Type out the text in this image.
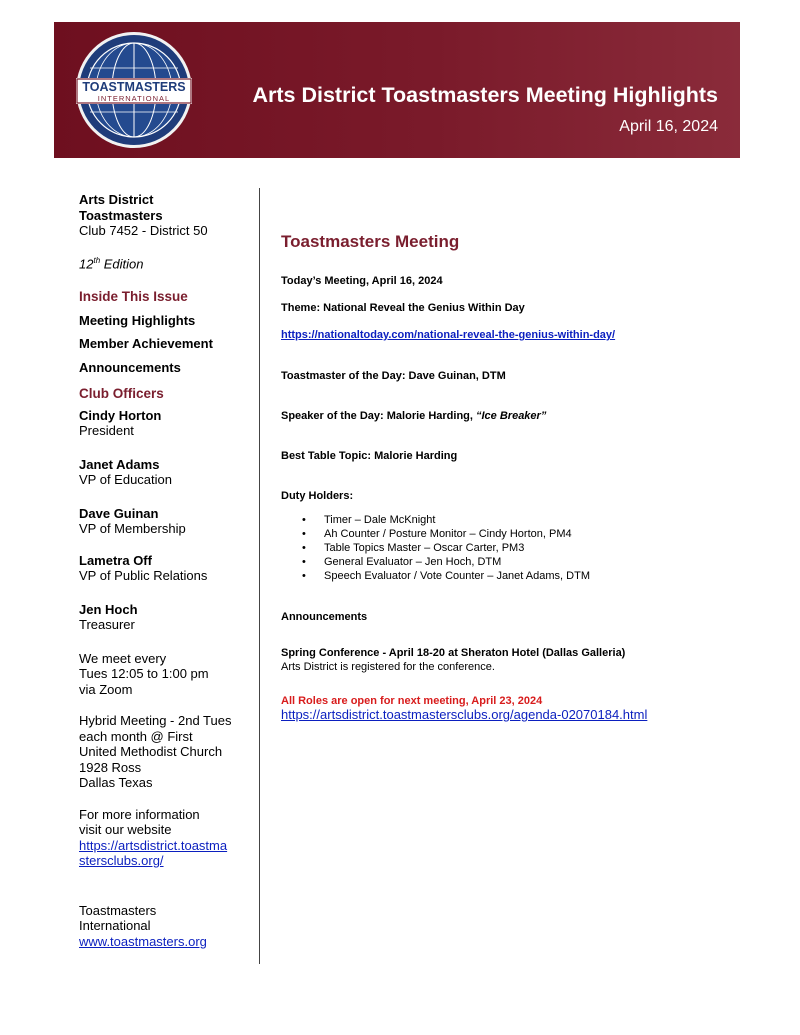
TOASTMASTERS
INTERNATIONAL	Arts District Toastmasters Meeting Highlights
April 16, 2024
Arts District
Toastmasters
Club 7452 - District 50
12th Edition
Inside This Issue
Meeting Highlights
Member Achievement
Announcements
Club Officers
Cindy Horton
President
Janet Adams
VP of Education
Dave Guinan
VP of Membership
Lametra Off
VP of Public Relations
Jen Hoch
Treasurer
We meet every
Tues 12:05 to 1:00 pm
via Zoom
Hybrid Meeting - 2nd Tues
each month @ First
United Methodist Church
1928 Ross
Dallas Texas
For more information
visit our website
https://artsdistrict.toastma
stersclubs.org/
Toastmasters
International
www.toastmasters.org
Toastmasters Meeting
Today’s Meeting, April 16, 2024
Theme: National Reveal the Genius Within Day
https://nationaltoday.com/national-reveal-the-genius-within-day/
Toastmaster of the Day: Dave Guinan, DTM
Speaker of the Day: Malorie Harding, “Ice Breaker”
Best Table Topic: Malorie Harding
Duty Holders:
• Timer – Dale McKnight
• Ah Counter / Posture Monitor – Cindy Horton, PM4
• Table Topics Master – Oscar Carter, PM3
• General Evaluator – Jen Hoch, DTM
• Speech Evaluator / Vote Counter – Janet Adams, DTM
Announcements
Spring Conference - April 18-20 at Sheraton Hotel (Dallas Galleria)
Arts District is registered for the conference.
All Roles are open for next meeting, April 23, 2024
https://artsdistrict.toastmastersclubs.org/agenda-02070184.html
